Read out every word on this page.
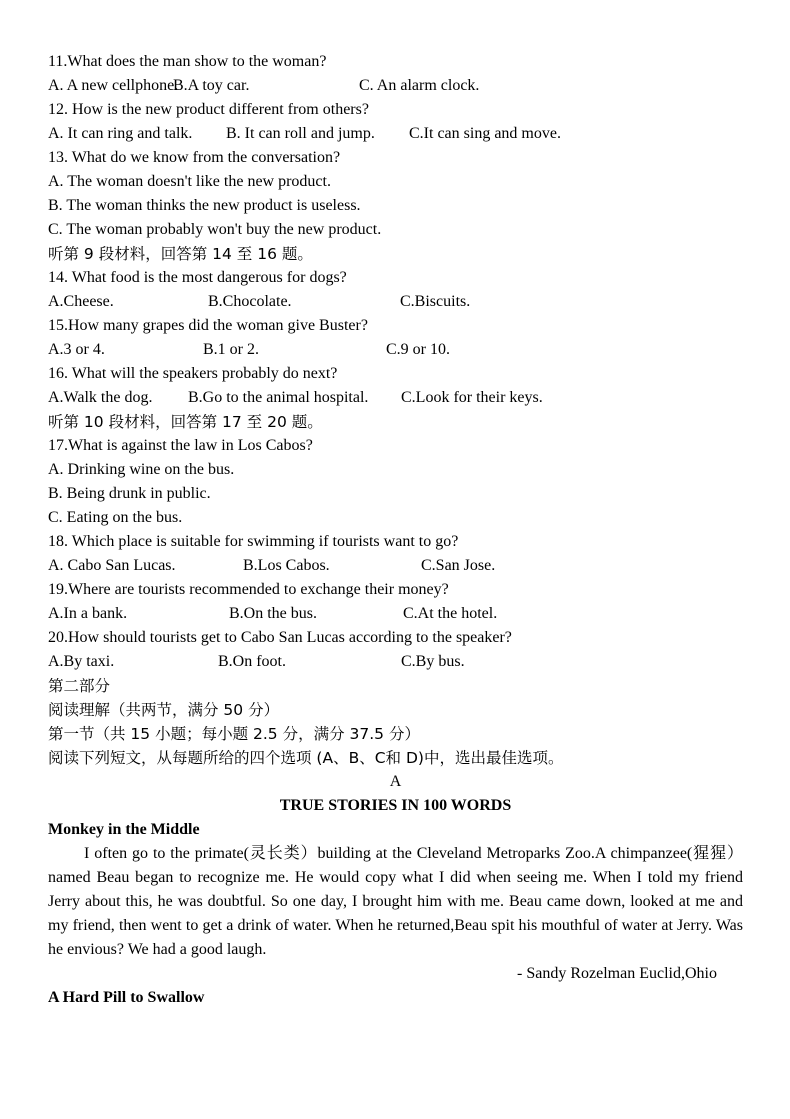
11.What does the man show to the woman?
A. A new cellphone.B.A toy car.	C. An alarm clock.
12. How is the new product different from others?
A. It can ring and talk. B. It can roll and jump. C.It can sing and move.
13. What do we know from the conversation?
A. The woman doesn't like the new product.
B. The woman thinks the new product is useless.
C. The woman probably won't buy the new product.
听第 9 段材料，回答第 14 至 16 题。
14. What food is the most dangerous for dogs?
A.Cheese.	B.Chocolate.	C.Biscuits.
15.How many grapes did the woman give Buster?
A.3 or 4.	B.1 or 2.	C.9 or 10.
16. What will the speakers probably do next?
A.Walk the dog. B.Go to the animal hospital. C.Look for their keys.
听第 10 段材料，回答第 17 至 20 题。
17.What is against the law in Los Cabos?
A. Drinking wine on the bus.
B. Being drunk in public.
C. Eating on the bus.
18. Which place is suitable for swimming if tourists want to go?
A. Cabo San Lucas.	B.Los Cabos.	C.San Jose.
19.Where are tourists recommended to exchange their money?
A.In a bank.	B.On the bus.	C.At the hotel.
20.How should tourists get to Cabo San Lucas according to the speaker?
A.By taxi.	B.On foot.	C.By bus.
第二部分
阅读理解（共两节，满分 50 分）
第一节（共 15 小题；每小题 2.5 分，满分 37.5 分）
阅读下列短文，从每题所给的四个选项 (A、B、C和 D)中，选出最佳选项。
A
TRUE STORIES IN 100 WORDS
Monkey in the Middle
I often go to the primate(灵长类）building at the Cleveland Metroparks Zoo.A chimpanzee(猩猩）named Beau began to recognize me. He would copy what I did when seeing me. When I told my friend Jerry about this, he was doubtful. So one day, I brought him with me. Beau came down, looked at me and my friend, then went to get a drink of water. When he returned,Beau spit his mouthful of water at Jerry. Was he envious? We had a good laugh.
- Sandy Rozelman Euclid,Ohio
A Hard Pill to Swallow
